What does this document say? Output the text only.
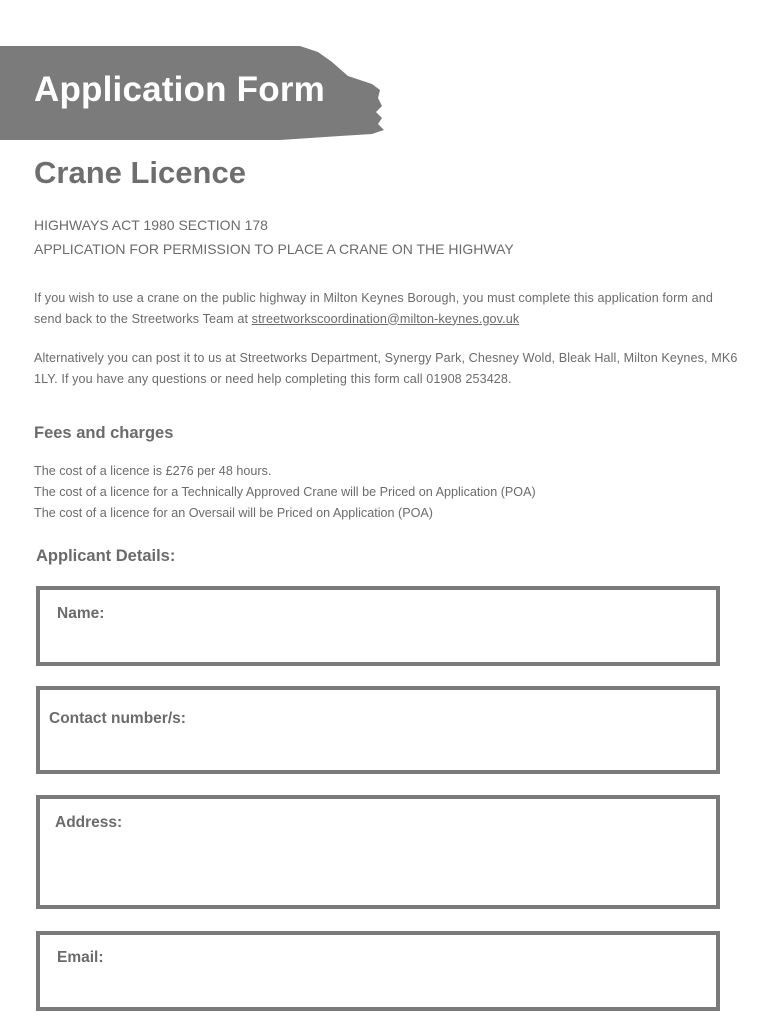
Application Form
Crane Licence
HIGHWAYS ACT 1980 SECTION 178
APPLICATION FOR PERMISSION TO PLACE A CRANE ON THE HIGHWAY
If you wish to use a crane on the public highway in Milton Keynes Borough, you must complete this application form and send back to the Streetworks Team at streetworkscoordination@milton-keynes.gov.uk
Alternatively you can post it to us at Streetworks Department, Synergy Park, Chesney Wold, Bleak Hall, Milton Keynes, MK6 1LY. If you have any questions or need help completing this form call 01908 253428.
Fees and charges
The cost of a licence is £276 per 48 hours.
The cost of a licence for a Technically Approved Crane will be Priced on Application (POA)
The cost of a licence for an Oversail will be Priced on Application (POA)
Applicant Details:
Name:
Contact number/s:
Address:
Email:
